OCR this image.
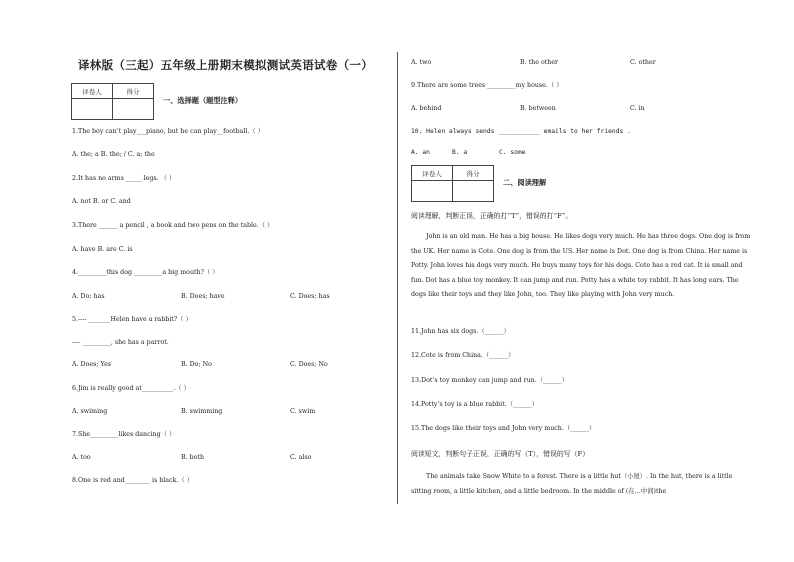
译林版（三起）五年级上册期末模拟测试英语试卷（一）
评卷人	得分

一、选择题（题型注释）
1.The boy can’t play___piano, but he can play__football.（ ）
A. the; a B. the; / C. a; the
2.It has no arms _____ legs. （ ）
A. not B. or C. and
3.There ______ a pencil , a book and two pens on the table.（ ）
A. have B. are C. is
4._________this dog _________a big mouth?（ ）
A. Do; has	B. Does; have	C. Does; has
5.---- _______Helen have a rabbit?（ ）
---- _________, she has a parrot.
A. Does; Yes	B. Do; No	C. Does; No
6.Jim is really good at__________.（ ）
A. swiming	B. swimming	C. swim
7.She_________likes dancing（ ）
A. too	B. both	C. also
8.One is red and________ is black.（ ）
A. two	B. the other	C. other
9.There are some trees _________my house.（ ）
A. behind	B. between	C. in
10. Helen always sends ___________ emails to her friends .
A. an	B. a	C. some
评卷人	得分

二、阅读理解
阅读理解，判断正误，正确的打“T”，错误的打“F”。
John is an old man. He has a big house. He likes dogs very much. He has three dogs. One dog is from the UK. Her name is Cote. One dog is from the US. Her name is Dot. One dog is from China. Her name is Potty. John loves his dogs very much. He buys many toys for his dogs. Cote has a red cat. It is small and fun. Dot has a blue toy monkey. It can jump and run. Potty has a white toy rabbit. It has long ears. The dogs like their toys and they like John, too. They like playing with John very much.
11.John has six dogs.（______）
12.Cote is from China.（______）
13.Dot’s toy monkey can jump and run.（______）
14.Potty’s toy is a blue rabbit.（______）
15.The dogs like their toys and John very much.（______）
阅读短文，判断句子正误，正确的写（T），错误的写（F）
The animals take Snow White to a forest. There is a little hut（小屋）. In the hut, there is a little sitting room, a little kitchen, and a little bedroom. In the middle of (在…中间)the
